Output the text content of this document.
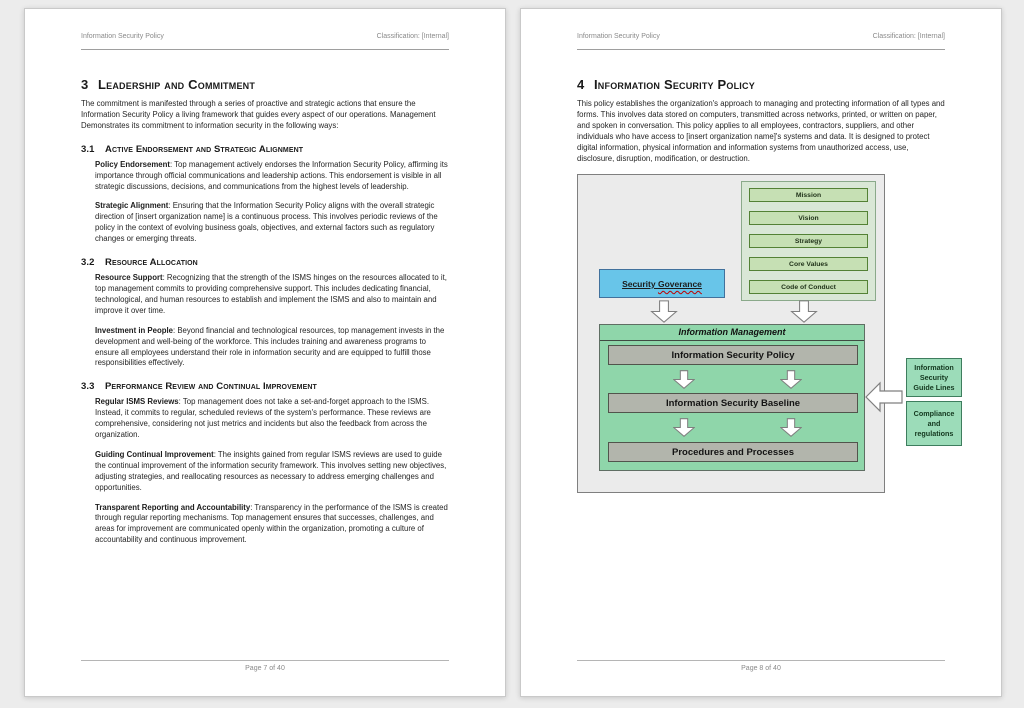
Information Security Policy	Classification: [Internal]
3 Leadership and Commitment

The commitment is manifested through a series of proactive and strategic actions that ensure the Information Security Policy a living framework that guides every aspect of our operations. Management Demonstrates its commitment to information security in the following ways:

3.1 Active Endorsement and Strategic Alignment

Policy Endorsement: Top management actively endorses the Information Security Policy, affirming its importance through official communications and leadership actions. This endorsement is visible in all strategic discussions, decisions, and communications from the highest levels of leadership.

Strategic Alignment: Ensuring that the Information Security Policy aligns with the overall strategic direction of [insert organization name] is a continuous process. This involves periodic reviews of the policy in the context of evolving business goals, objectives, and external factors such as regulatory changes or emerging threats.

3.2 Resource Allocation

Resource Support: Recognizing that the strength of the ISMS hinges on the resources allocated to it, top management commits to providing comprehensive support. This includes dedicating financial, technological, and human resources to establish and implement the ISMS and also to maintain and improve it over time.

Investment in People: Beyond financial and technological resources, top management invests in the development and well-being of the workforce. This includes training and awareness programs to ensure all employees understand their role in information security and are equipped to fulfill those responsibilities effectively.

3.3 Performance Review and Continual Improvement

Regular ISMS Reviews: Top management does not take a set-and-forget approach to the ISMS. Instead, it commits to regular, scheduled reviews of the system's performance. These reviews are comprehensive, considering not just metrics and incidents but also the feedback from across the organization.

Guiding Continual Improvement: The insights gained from regular ISMS reviews are used to guide the continual improvement of the information security framework. This involves setting new objectives, adjusting strategies, and reallocating resources as necessary to address emerging challenges and opportunities.

Transparent Reporting and Accountability: Transparency in the performance of the ISMS is created through regular reporting mechanisms. Top management ensures that successes, challenges, and areas for improvement are communicated openly within the organization, promoting a culture of accountability and continuous improvement.

Page 7 of 40
Information Security Policy	Classification: [Internal]
4 Information Security Policy

This policy establishes the organization's approach to managing and protecting information of all types and forms. This involves data stored on computers, transmitted across networks, printed, or written on paper, and spoken in conversation. This policy applies to all employees, contractors, suppliers, and other individuals who have access to [insert organization name]'s systems and data. It is designed to protect digital information, physical information and information systems from unauthorized access, use, disclosure, disruption, modification, or destruction.

Mission
Vision
Strategy
Core Values
Code of Conduct
Security Goverance
Information Management
Information Security Policy
Information Security Baseline
Procedures and Processes
Information Security Guide Lines
Compliance and regulations
Page 8 of 40
